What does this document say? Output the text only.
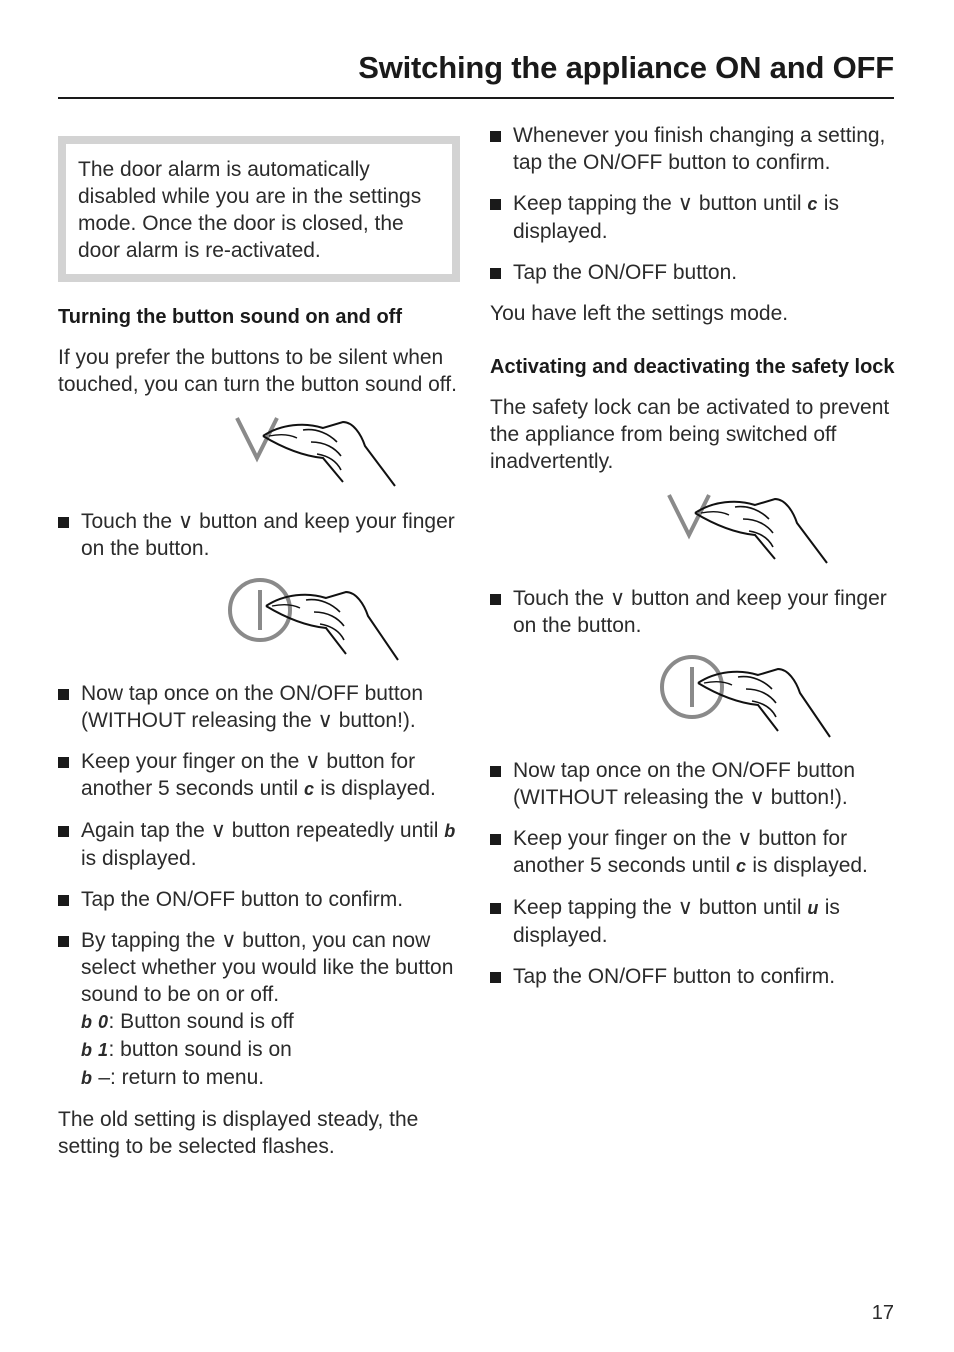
Switching the appliance ON and OFF

The door alarm is automatically disabled while you are in the settings mode. Once the door is closed, the door alarm is re-activated.

Turning the button sound on and off

If you prefer the buttons to be silent when touched, you can turn the button sound off.

Touch the ∨ button and keep your finger on the button.
Now tap once on the ON/OFF button (WITHOUT releasing the ∨ button!).
Keep your finger on the ∨ button for another 5 seconds until c is displayed.
Again tap the ∨ button repeatedly until b is displayed.
Tap the ON/OFF button to confirm.
By tapping the ∨ button, you can now select whether you would like the button sound to be on or off.
b 0: Button sound is off
b 1: button sound is on
b –: return to menu.

The old setting is displayed steady, the setting to be selected flashes.

Whenever you finish changing a setting, tap the ON/OFF button to confirm.
Keep tapping the ∨ button until c is displayed.
Tap the ON/OFF button.

You have left the settings mode.

Activating and deactivating the safety lock

The safety lock can be activated to prevent the appliance from being switched off inadvertently.

Touch the ∨ button and keep your finger on the button.
Now tap once on the ON/OFF button (WITHOUT releasing the ∨ button!).
Keep your finger on the ∨ button for another 5 seconds until c is displayed.
Keep tapping the ∨ button until u is displayed.
Tap the ON/OFF button to confirm.

17
